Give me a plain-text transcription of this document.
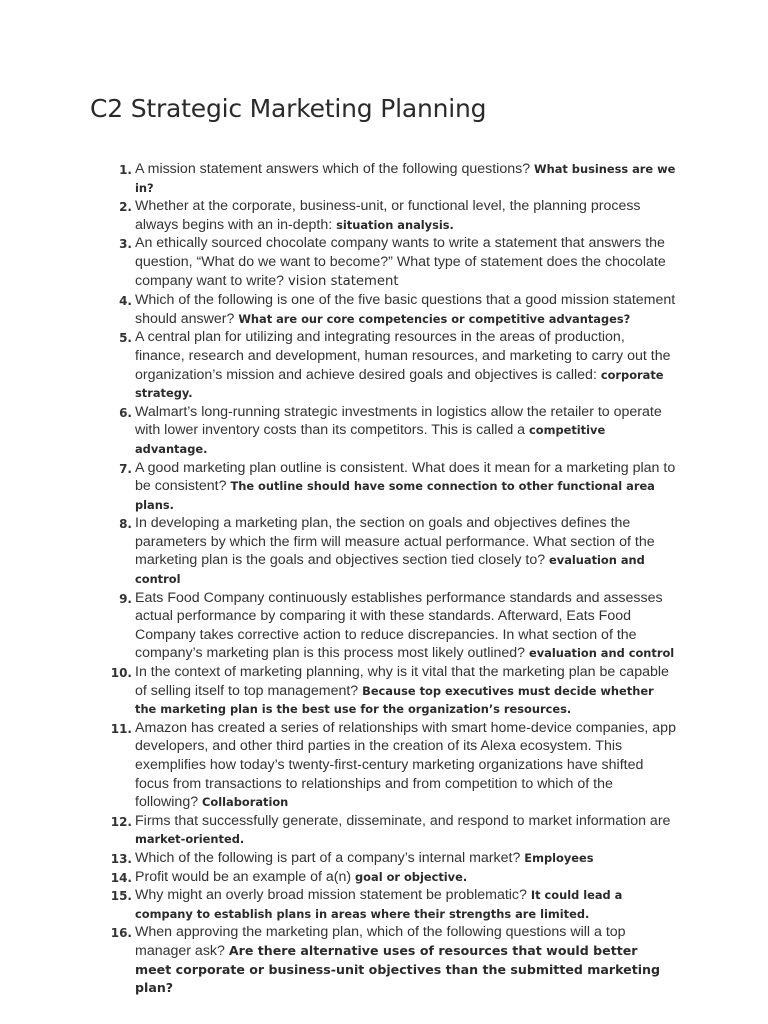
C2 Strategic Marketing Planning
1. A mission statement answers which of the following questions? What business are we in?
2. Whether at the corporate, business-unit, or functional level, the planning process always begins with an in-depth: situation analysis.
3. An ethically sourced chocolate company wants to write a statement that answers the question, “What do we want to become?” What type of statement does the chocolate company want to write? vision statement
4. Which of the following is one of the five basic questions that a good mission statement should answer? What are our core competencies or competitive advantages?
5. A central plan for utilizing and integrating resources in the areas of production, finance, research and development, human resources, and marketing to carry out the organization’s mission and achieve desired goals and objectives is called: corporate strategy.
6. Walmart’s long-running strategic investments in logistics allow the retailer to operate with lower inventory costs than its competitors. This is called a competitive advantage.
7. A good marketing plan outline is consistent. What does it mean for a marketing plan to be consistent? The outline should have some connection to other functional area plans.
8. In developing a marketing plan, the section on goals and objectives defines the parameters by which the firm will measure actual performance. What section of the marketing plan is the goals and objectives section tied closely to? evaluation and control
9. Eats Food Company continuously establishes performance standards and assesses actual performance by comparing it with these standards. Afterward, Eats Food Company takes corrective action to reduce discrepancies. In what section of the company’s marketing plan is this process most likely outlined? evaluation and control
10. In the context of marketing planning, why is it vital that the marketing plan be capable of selling itself to top management? Because top executives must decide whether the marketing plan is the best use for the organization’s resources.
11. Amazon has created a series of relationships with smart home-device companies, app developers, and other third parties in the creation of its Alexa ecosystem. This exemplifies how today’s twenty-first-century marketing organizations have shifted focus from transactions to relationships and from competition to which of the following? Collaboration
12. Firms that successfully generate, disseminate, and respond to market information are market-oriented.
13. Which of the following is part of a company’s internal market? Employees
14. Profit would be an example of a(n) goal or objective.
15. Why might an overly broad mission statement be problematic? It could lead a company to establish plans in areas where their strengths are limited.
16. When approving the marketing plan, which of the following questions will a top manager ask? Are there alternative uses of resources that would better meet corporate or business-unit objectives than the submitted marketing plan?
